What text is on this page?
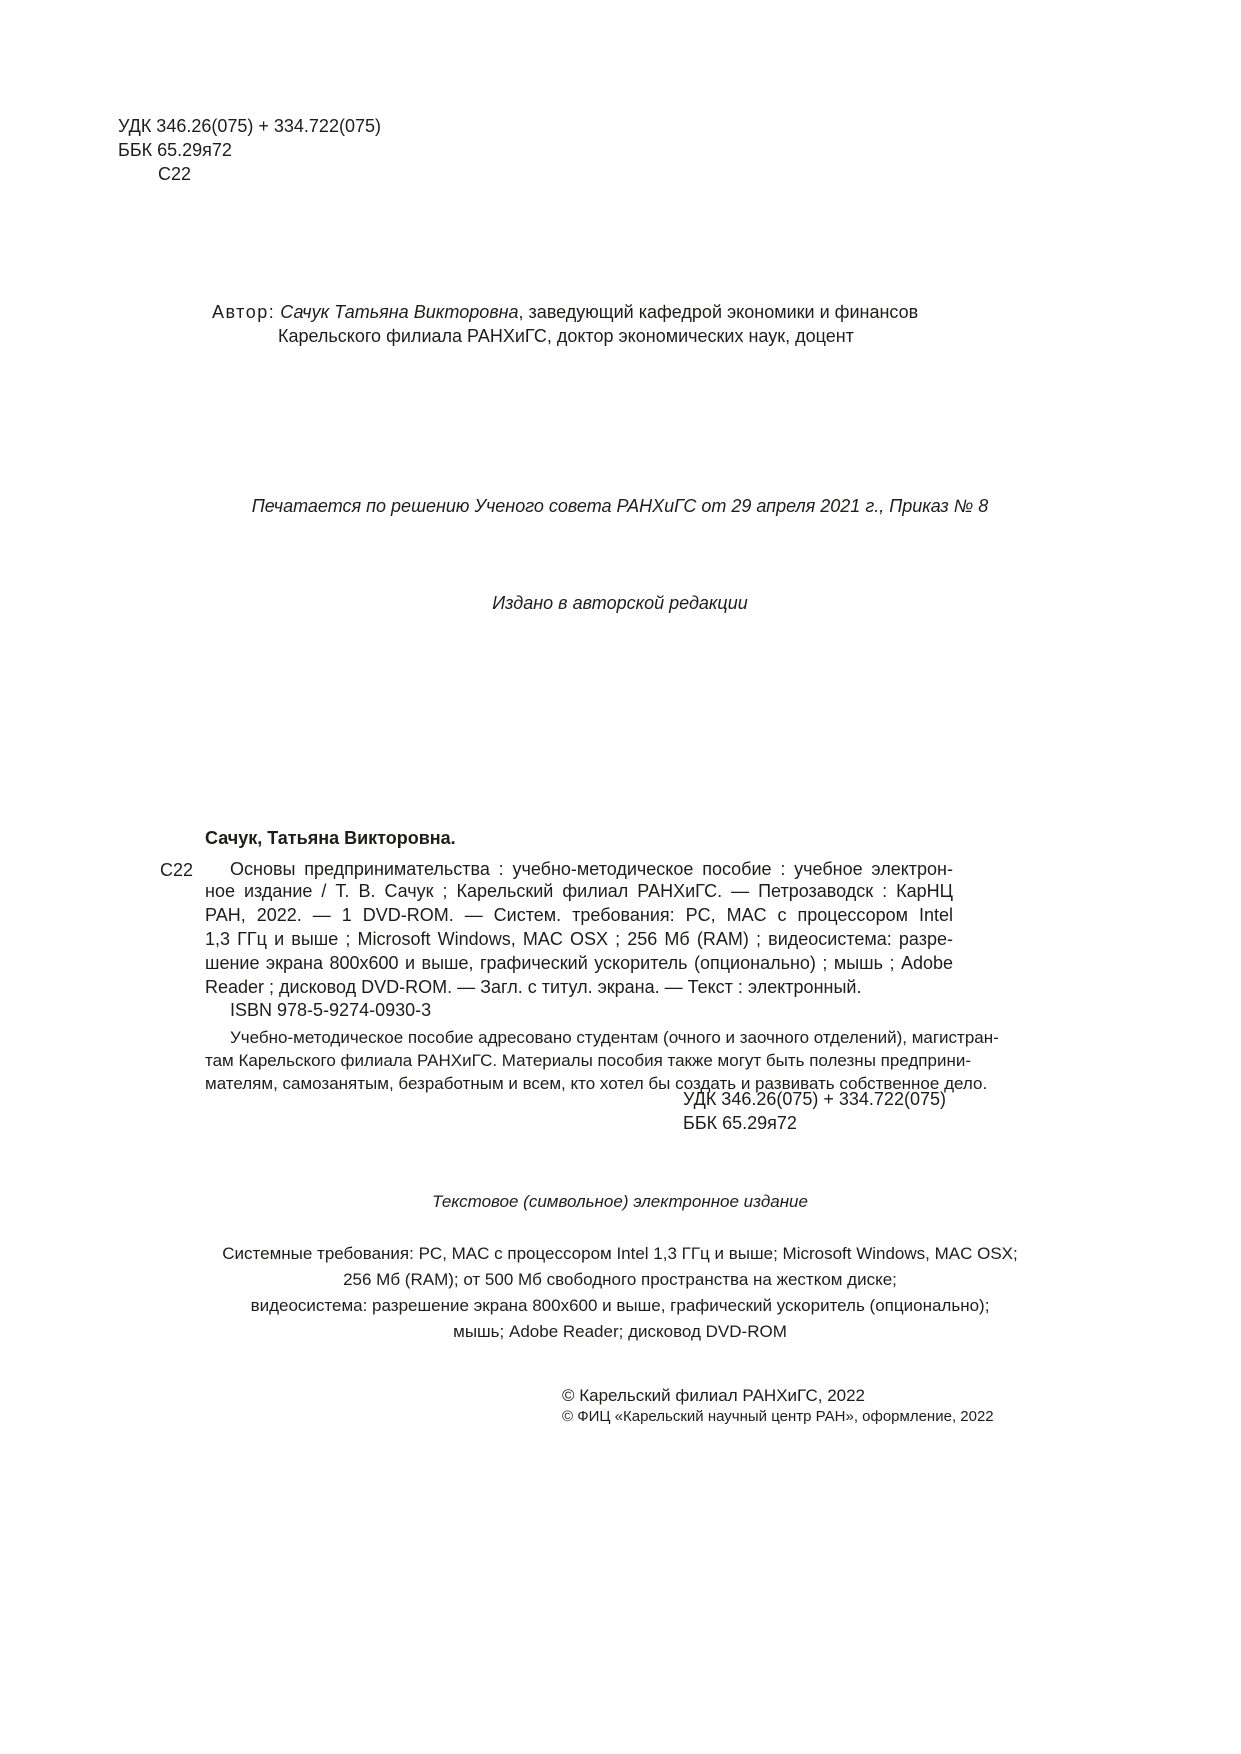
УДК 346.26(075) + 334.722(075)
ББК 65.29я72
С22
Автор: Сачук Татьяна Викторовна, заведующий кафедрой экономики и финансов
Карельского филиала РАНХиГС, доктор экономических наук, доцент
Печатается по решению Ученого совета РАНХиГС от 29 апреля 2021 г., Приказ № 8
Издано в авторской редакции
Сачук, Татьяна Викторовна.
С22 Основы предпринимательства : учебно-методическое пособие : учебное электрон-
ное издание / Т. В. Сачук ; Карельский филиал РАНХиГС. — Петрозаводск : КарНЦ
РАН, 2022. — 1 DVD-ROM. — Систем. требования: PC, MAC с процессором Intel
1,3 ГГц и выше ; Microsoft Windows, MAC OSX ; 256 Мб (RAM) ; видеосистема: разре-
шение экрана 800х600 и выше, графический ускоритель (опционально) ; мышь ; Adobe
Reader ; дисковод DVD-ROM. — Загл. с титул. экрана. — Текст : электронный.
ISBN 978-5-9274-0930-3
Учебно-методическое пособие адресовано студентам (очного и заочного отделений), магистран-
там Карельского филиала РАНХиГС. Материалы пособия также могут быть полезны предприни-
мателям, самозанятым, безработным и всем, кто хотел бы создать и развивать собственное дело.
УДК 346.26(075) + 334.722(075)
ББК 65.29я72
Текстовое (символьное) электронное издание
Системные требования: PC, MAC с процессором Intel 1,3 ГГц и выше; Microsoft Windows, MAC OSX;
256 Мб (RAM); от 500 Мб свободного пространства на жестком диске;
видеосистема: разрешение экрана 800х600 и выше, графический ускоритель (опционально);
мышь; Adobe Reader; дисковод DVD-ROM
© Карельский филиал РАНХиГС, 2022
© ФИЦ «Карельский научный центр РАН», оформление, 2022
